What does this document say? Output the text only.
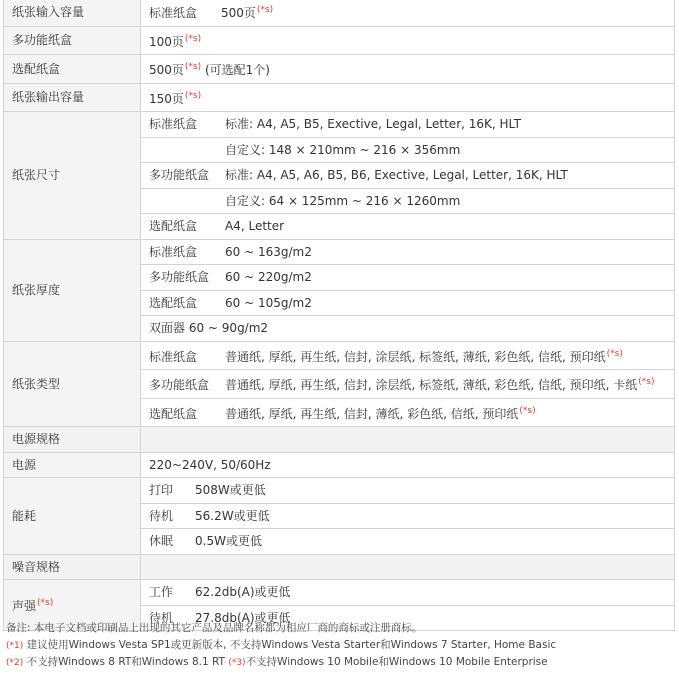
纸张输入容量	标准纸盒 500页$^{(*s)}$
多功能纸盒	100页$^{(*s)}$
选配纸盒	500页$^{(*s)}$ (可选配1个)
纸张输出容量	150页$^{(*s)}$
纸张尺寸	标准纸盒 标准: A4, A5, B5, Exective, Legal, Letter, 16K, HLT
	自定义: 148 × 210mm ~ 216 × 356mm
	多功能纸盒 标准: A4, A5, A6, B5, B6, Exective, Legal, Letter, 16K, HLT
	自定义: 64 × 125mm ~ 216 × 1260mm
	选配纸盒 A4, Letter
纸张厚度	标准纸盒 60 ~ 163g/m2
	多功能纸盒 60 ~ 220g/m2
	选配纸盒 60 ~ 105g/m2
	双面器 60 ~ 90g/m2
纸张类型	标准纸盒 普通纸, 厚纸, 再生纸, 信封, 涂层纸, 标签纸, 薄纸, 彩色纸, 信纸, 预印纸$^{(*s)}$
	多功能纸盒 普通纸, 厚纸, 再生纸, 信封, 涂层纸, 标签纸, 薄纸, 彩色纸, 信纸, 预印纸, 卡纸$^{(*s)}$
	选配纸盒 普通纸, 厚纸, 再生纸, 信封, 薄纸, 彩色纸, 信纸, 预印纸$^{(*s)}$
电源规格	
电源	220~240V, 50/60Hz
能耗	打印 508W或更低
	待机 56.2W或更低
	休眠 0.5W或更低
噪音规格	
声强$^{(*s)}$	工作 62.2db(A)或更低
	待机 27.8db(A)或更低
备注: 本电子文档或印刷品上出现的其它产品及品牌名称都为相应厂商的商标或注册商标。
(*1) 建议使用Windows Vesta SP1或更新版本, 不支持Windows Vesta Starter和Windows 7 Starter, Home Basic
(*2) 不支持Windows 8 RT和Windows 8.1 RT (*3)不支持Windows 10 Mobile和Windows 10 Mobile Enterprise
